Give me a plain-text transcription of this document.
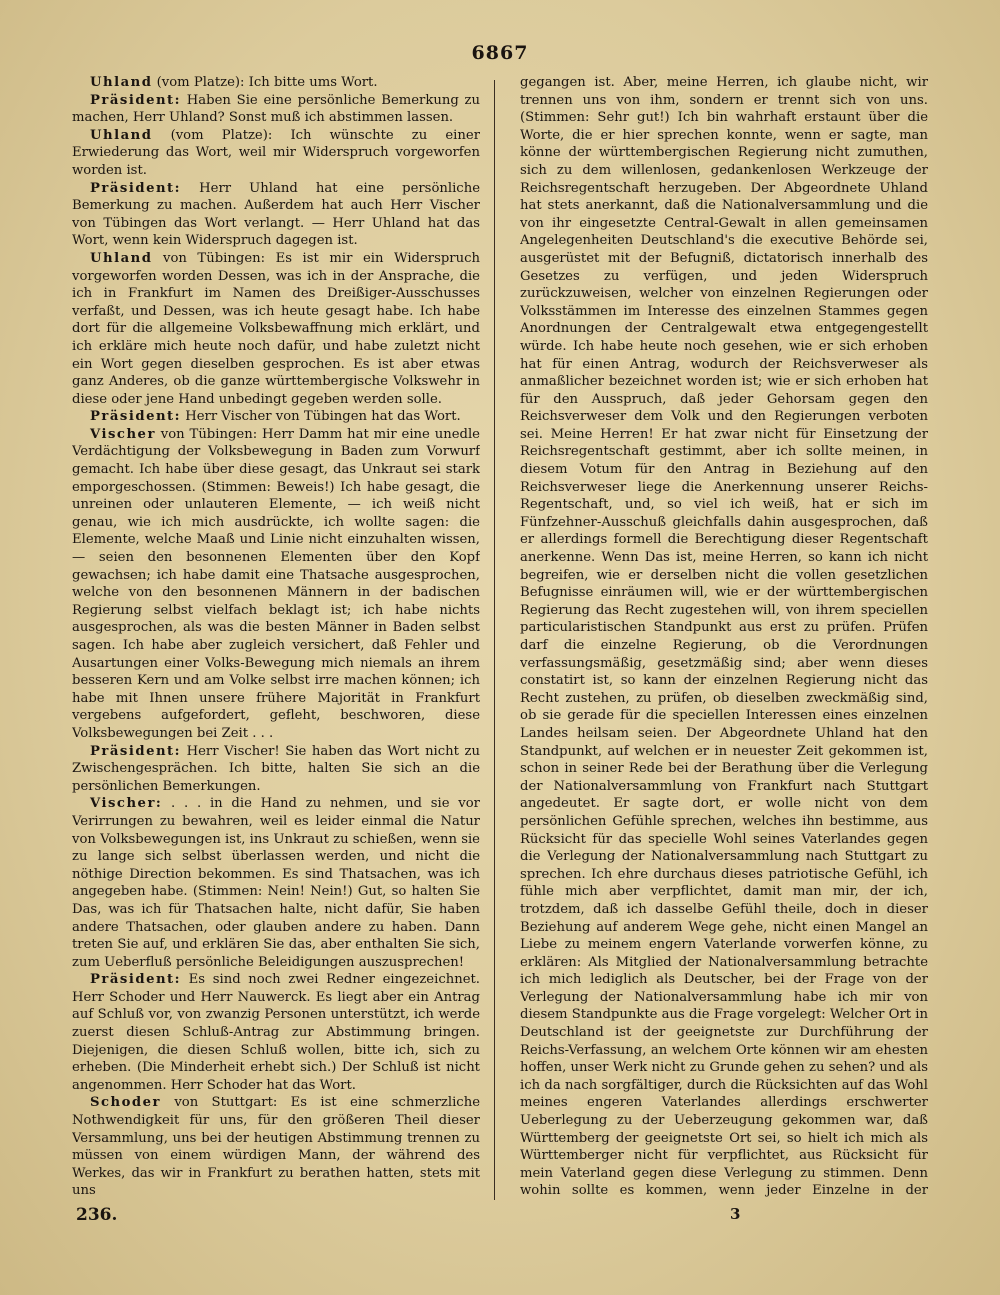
6867

Uhland (vom Platze): Ich bitte ums Wort.

Präsident: Haben Sie eine persönliche Bemerkung zu machen, Herr Uhland? Sonst muß ich abstimmen lassen.

Uhland (vom Platze): Ich wünschte zu einer Erwiederung das Wort, weil mir Widerspruch vorgeworfen worden ist.

Präsident: Herr Uhland hat eine persönliche Bemerkung zu machen. Außerdem hat auch Herr Vischer von Tübingen das Wort verlangt. — Herr Uhland hat das Wort, wenn kein Widerspruch dagegen ist.

Uhland von Tübingen: Es ist mir ein Widerspruch vorgeworfen worden Dessen, was ich in der Ansprache, die ich in Frankfurt im Namen des Dreißiger-Ausschusses verfaßt, und Dessen, was ich heute gesagt habe. Ich habe dort für die allgemeine Volksbewaffnung mich erklärt, und ich erkläre mich heute noch dafür, und habe zuletzt nicht ein Wort gegen dieselben gesprochen. Es ist aber etwas ganz Anderes, ob die ganze württembergische Volkswehr in diese oder jene Hand unbedingt gegeben werden solle.

Präsident: Herr Vischer von Tübingen hat das Wort.

Vischer von Tübingen: Herr Damm hat mir eine unedle Verdächtigung der Volksbewegung in Baden zum Vorwurf gemacht. Ich habe über diese gesagt, das Unkraut sei stark emporgeschossen. (Stimmen: Beweis!) Ich habe gesagt, die unreinen oder unlauteren Elemente, — ich weiß nicht genau, wie ich mich ausdrückte, ich wollte sagen: die Elemente, welche Maaß und Linie nicht einzuhalten wissen, — seien den besonnenen Elementen über den Kopf gewachsen; ich habe damit eine Thatsache ausgesprochen, welche von den besonnenen Männern in der badischen Regierung selbst vielfach beklagt ist; ich habe nichts ausgesprochen, als was die besten Männer in Baden selbst sagen. Ich habe aber zugleich versichert, daß Fehler und Ausartungen einer Volks-Bewegung mich niemals an ihrem besseren Kern und am Volke selbst irre machen können; ich habe mit Ihnen unsere frühere Majorität in Frankfurt vergebens aufgefordert, gefleht, beschworen, diese Volksbewegungen bei Zeit . . .

Präsident: Herr Vischer! Sie haben das Wort nicht zu Zwischengesprächen. Ich bitte, halten Sie sich an die persönlichen Bemerkungen.

Vischer: . . . in die Hand zu nehmen, und sie vor Verirrungen zu bewahren, weil es leider einmal die Natur von Volksbewegungen ist, ins Unkraut zu schießen, wenn sie zu lange sich selbst überlassen werden, und nicht die nöthige Direction bekommen. Es sind Thatsachen, was ich angegeben habe. (Stimmen: Nein! Nein!) Gut, so halten Sie Das, was ich für Thatsachen halte, nicht dafür, Sie haben andere Thatsachen, oder glauben andere zu haben. Dann treten Sie auf, und erklären Sie das, aber enthalten Sie sich, zum Ueberfluß persönliche Beleidigungen auszusprechen!

Präsident: Es sind noch zwei Redner eingezeichnet. Herr Schoder und Herr Nauwerck. Es liegt aber ein Antrag auf Schluß vor, von zwanzig Personen unterstützt, ich werde zuerst diesen Schluß-Antrag zur Abstimmung bringen. Diejenigen, die diesen Schluß wollen, bitte ich, sich zu erheben. (Die Minderheit erhebt sich.) Der Schluß ist nicht angenommen. Herr Schoder hat das Wort.

Schoder von Stuttgart: Es ist eine schmerzliche Nothwendigkeit für uns, für den größeren Theil dieser Versammlung, uns bei der heutigen Abstimmung trennen zu müssen von einem würdigen Mann, der während des Werkes, das wir in Frankfurt zu berathen hatten, stets mit uns

gegangen ist. Aber, meine Herren, ich glaube nicht, wir trennen uns von ihm, sondern er trennt sich von uns. (Stimmen: Sehr gut!) Ich bin wahrhaft erstaunt über die Worte, die er hier sprechen konnte, wenn er sagte, man könne der württembergischen Regierung nicht zumuthen, sich zu dem willenlosen, gedankenlosen Werkzeuge der Reichsregentschaft herzugeben. Der Abgeordnete Uhland hat stets anerkannt, daß die Nationalversammlung und die von ihr eingesetzte Central-Gewalt in allen gemeinsamen Angelegenheiten Deutschland's die executive Behörde sei, ausgerüstet mit der Befugniß, dictatorisch innerhalb des Gesetzes zu verfügen, und jeden Widerspruch zurückzuweisen, welcher von einzelnen Regierungen oder Volksstämmen im Interesse des einzelnen Stammes gegen Anordnungen der Centralgewalt etwa entgegengestellt würde. Ich habe heute noch gesehen, wie er sich erhoben hat für einen Antrag, wodurch der Reichsverweser als anmaßlicher bezeichnet worden ist; wie er sich erhoben hat für den Ausspruch, daß jeder Gehorsam gegen den Reichsverweser dem Volk und den Regierungen verboten sei. Meine Herren! Er hat zwar nicht für Einsetzung der Reichsregentschaft gestimmt, aber ich sollte meinen, in diesem Votum für den Antrag in Beziehung auf den Reichsverweser liege die Anerkennung unserer Reichs-Regentschaft, und, so viel ich weiß, hat er sich im Fünfzehner-Ausschuß gleichfalls dahin ausgesprochen, daß er allerdings formell die Berechtigung dieser Regentschaft anerkenne. Wenn Das ist, meine Herren, so kann ich nicht begreifen, wie er derselben nicht die vollen gesetzlichen Befugnisse einräumen will, wie er der württembergischen Regierung das Recht zugestehen will, von ihrem speciellen particularistischen Standpunkt aus erst zu prüfen. Prüfen darf die einzelne Regierung, ob die Verordnungen verfassungsmäßig, gesetzmäßig sind; aber wenn dieses constatirt ist, so kann der einzelnen Regierung nicht das Recht zustehen, zu prüfen, ob dieselben zweckmäßig sind, ob sie gerade für die speciellen Interessen eines einzelnen Landes heilsam seien. Der Abgeordnete Uhland hat den Standpunkt, auf welchen er in neuester Zeit gekommen ist, schon in seiner Rede bei der Berathung über die Verlegung der Nationalversammlung von Frankfurt nach Stuttgart angedeutet. Er sagte dort, er wolle nicht von dem persönlichen Gefühle sprechen, welches ihn bestimme, aus Rücksicht für das specielle Wohl seines Vaterlandes gegen die Verlegung der Nationalversammlung nach Stuttgart zu sprechen. Ich ehre durchaus dieses patriotische Gefühl, ich fühle mich aber verpflichtet, damit man mir, der ich, trotzdem, daß ich dasselbe Gefühl theile, doch in dieser Beziehung auf anderem Wege gehe, nicht einen Mangel an Liebe zu meinem engern Vaterlande vorwerfen könne, zu erklären: Als Mitglied der Nationalversammlung betrachte ich mich lediglich als Deutscher, bei der Frage von der Verlegung der Nationalversammlung habe ich mir von diesem Standpunkte aus die Frage vorgelegt: Welcher Ort in Deutschland ist der geeignetste zur Durchführung der Reichs-Verfassung, an welchem Orte können wir am ehesten hoffen, unser Werk nicht zu Grunde gehen zu sehen? und als ich da nach sorgfältiger, durch die Rücksichten auf das Wohl meines engeren Vaterlandes allerdings erschwerter Ueberlegung zu der Ueberzeugung gekommen war, daß Württemberg der geeignetste Ort sei, so hielt ich mich als Württemberger nicht für verpflichtet, aus Rücksicht für mein Vaterland gegen diese Verlegung zu stimmen. Denn wohin sollte es kommen, wenn jeder Einzelne in der

236.	3
